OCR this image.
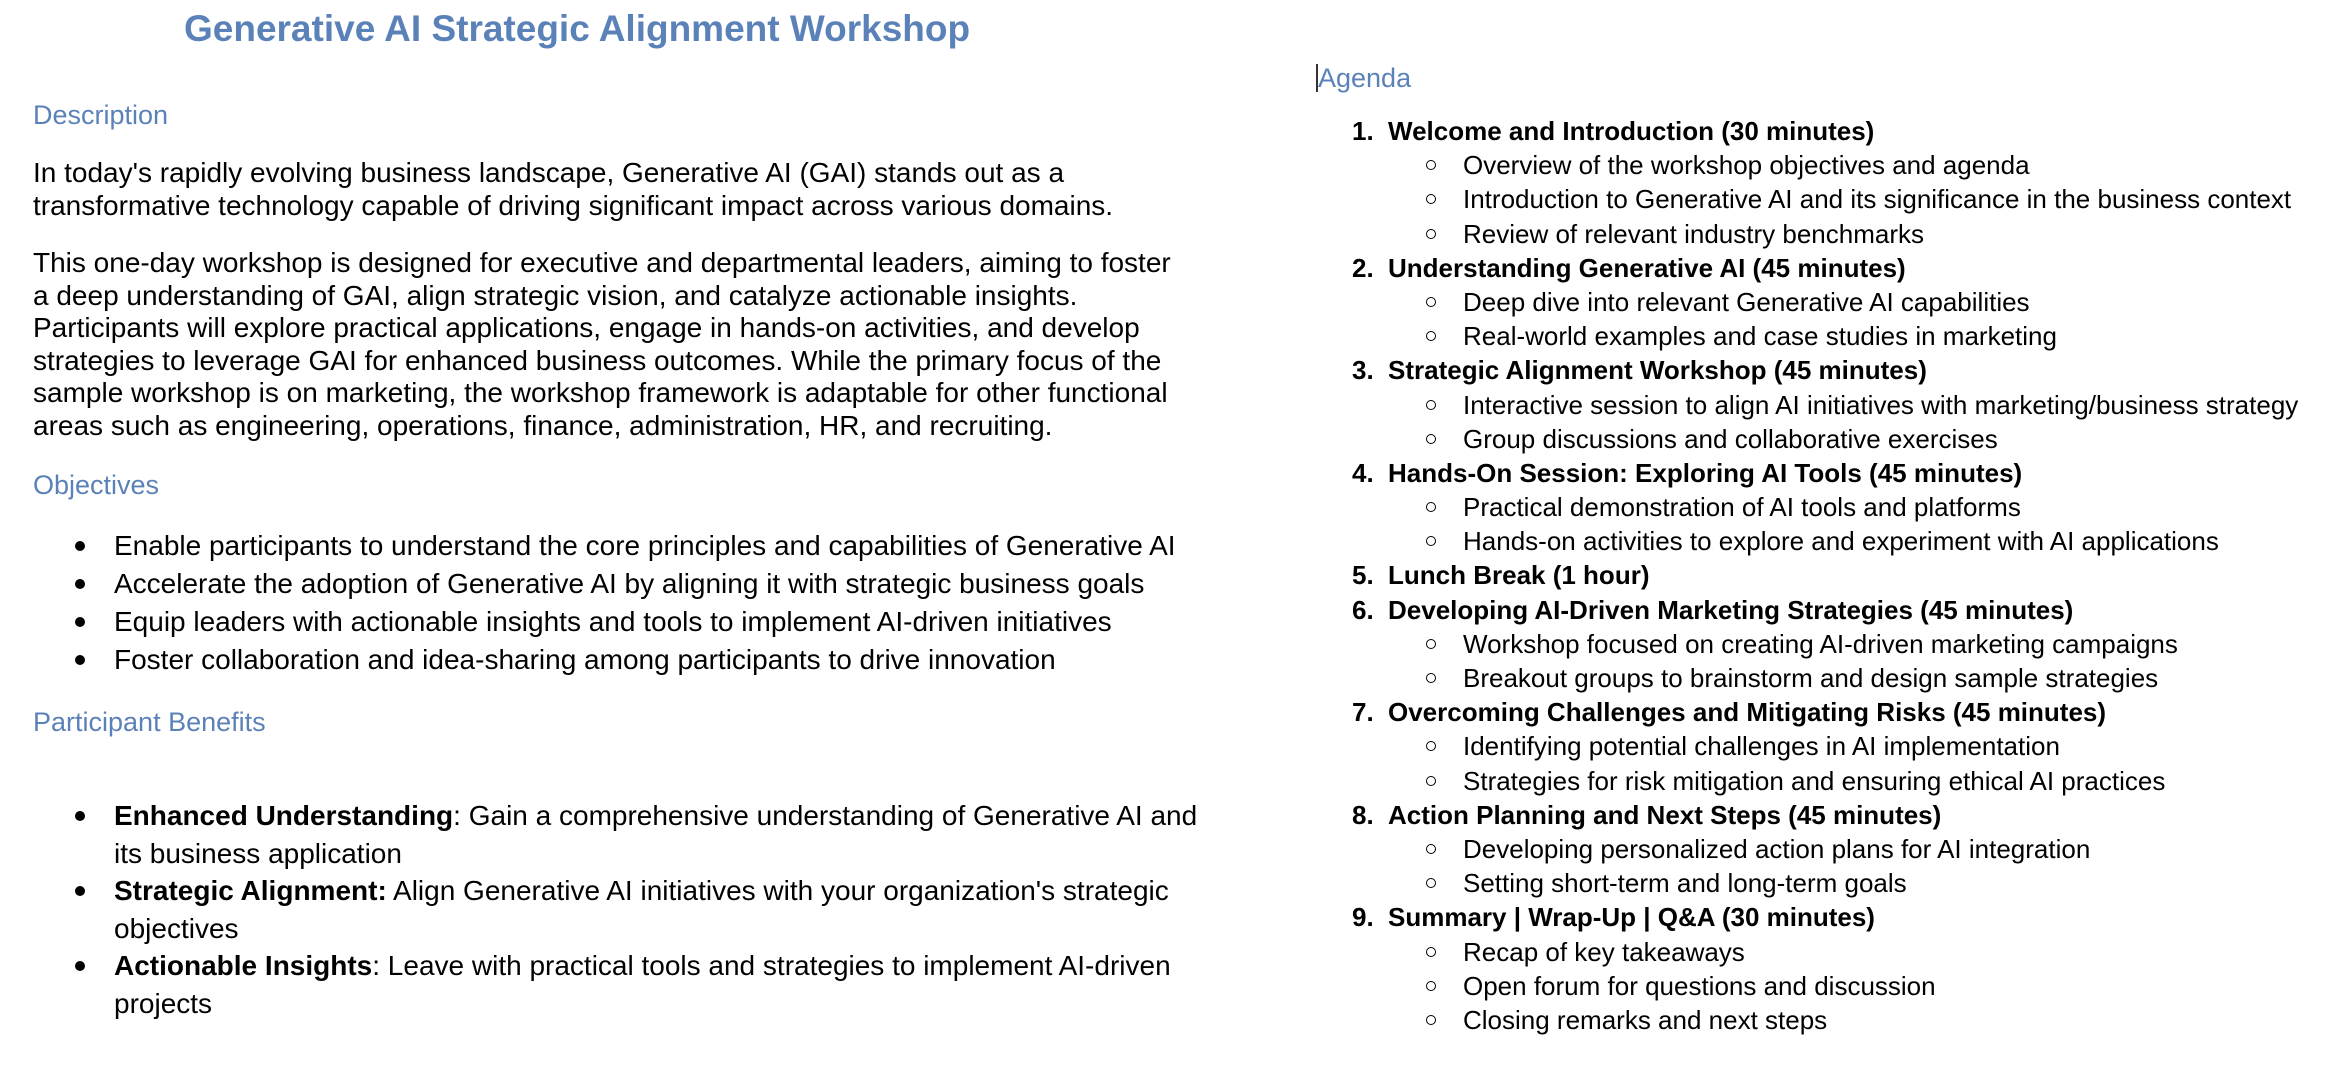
Generative AI Strategic Alignment Workshop
Description

In today's rapidly evolving business landscape, Generative AI (GAI) stands out as a transformative technology capable of driving significant impact across various domains.

This one-day workshop is designed for executive and departmental leaders, aiming to foster a deep understanding of GAI, align strategic vision, and catalyze actionable insights. Participants will explore practical applications, engage in hands-on activities, and develop strategies to leverage GAI for enhanced business outcomes. While the primary focus of the sample workshop is on marketing, the workshop framework is adaptable for other functional areas such as engineering, operations, finance, administration, HR, and recruiting.

Objectives
Enable participants to understand the core principles and capabilities of Generative AI
Accelerate the adoption of Generative AI by aligning it with strategic business goals
Equip leaders with actionable insights and tools to implement AI-driven initiatives
Foster collaboration and idea-sharing among participants to drive innovation
Participant Benefits
Enhanced Understanding: Gain a comprehensive understanding of Generative AI and its business application
Strategic Alignment: Align Generative AI initiatives with your organization's strategic objectives
Actionable Insights: Leave with practical tools and strategies to implement AI-driven projects
Agenda
1. Welcome and Introduction (30 minutes)
Overview of the workshop objectives and agenda
Introduction to Generative AI and its significance in the business context
Review of relevant industry benchmarks
2. Understanding Generative AI (45 minutes)
Deep dive into relevant Generative AI capabilities
Real-world examples and case studies in marketing
3. Strategic Alignment Workshop (45 minutes)
Interactive session to align AI initiatives with marketing/business strategy
Group discussions and collaborative exercises
4. Hands-On Session: Exploring AI Tools (45 minutes)
Practical demonstration of AI tools and platforms
Hands-on activities to explore and experiment with AI applications
5. Lunch Break (1 hour)
6. Developing AI-Driven Marketing Strategies (45 minutes)
Workshop focused on creating AI-driven marketing campaigns
Breakout groups to brainstorm and design sample strategies
7. Overcoming Challenges and Mitigating Risks (45 minutes)
Identifying potential challenges in AI implementation
Strategies for risk mitigation and ensuring ethical AI practices
8. Action Planning and Next Steps (45 minutes)
Developing personalized action plans for AI integration
Setting short-term and long-term goals
9. Summary | Wrap-Up | Q&A (30 minutes)
Recap of key takeaways
Open forum for questions and discussion
Closing remarks and next steps
